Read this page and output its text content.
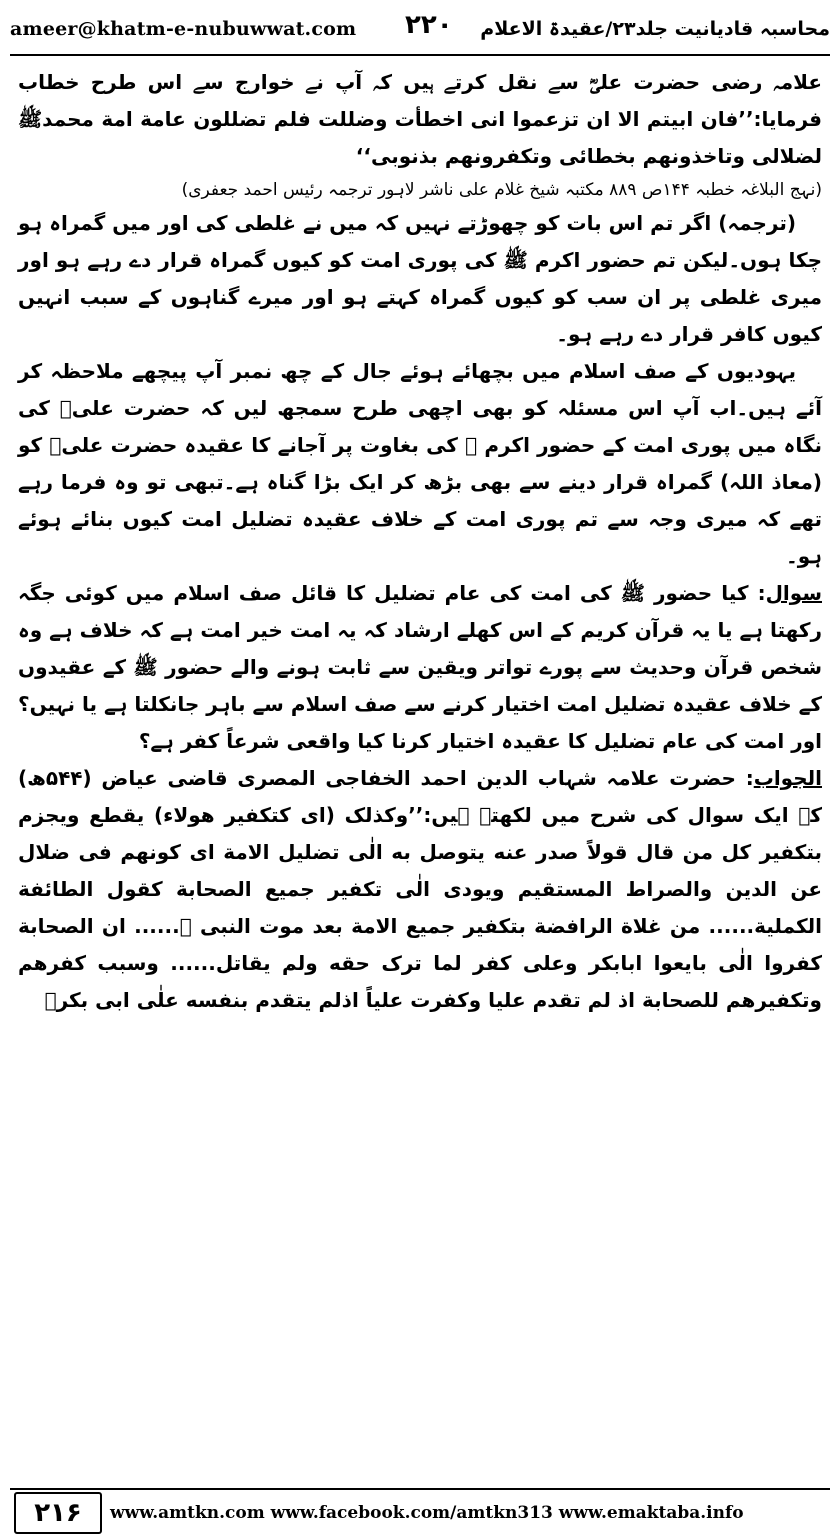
ameer@khatm-e-nubuwwat.com ۲۲۰ محاسبہ قادیانیت جلد۲۳/عقیدۃ الاعلام

علامہ رضی حضرت علیؓ سے نقل کرتے ہیں کہ آپ نے خوارج سے اس طرح خطاب فرمایا:’’فان ابیتم الا ان تزعموا انی اخطأت وضللت فلم تضللون عامة امة محمدﷺ لضلالی وتاخذونهم بخطائی وتکفرونهم بذنوبی‘‘

(نہج البلاغہ خطبہ ۱۴۴ص ۸۸۹ مکتبہ شیخ غلام علی ناشر لاہور ترجمہ رئیس احمد جعفری)

(ترجمہ) اگر تم اس بات کو چھوڑتے نہیں کہ میں نے غلطی کی اور میں گمراہ ہو چکا ہوں۔لیکن تم حضور اکرم ﷺ کی پوری امت کو کیوں گمراہ قرار دے رہے ہو اور میری غلطی پر ان سب کو کیوں گمراہ کہتے ہو اور میرے گناہوں کے سبب انہیں کیوں کافر قرار دے رہے ہو۔

یہودیوں کے صف اسلام میں بچھائے ہوئے جال کے چھ نمبر آپ پیچھے ملاحظہ کر آئے ہیں۔اب آپ اس مسئلہ کو بھی اچھی طرح سمجھ لیں کہ حضرت علیؓ کی نگاہ میں پوری امت کے حضور اکرم ﷺ کی بغاوت پر آجانے کا عقیدہ حضرت علیؓ کو (معاذ اللہ) گمراہ قرار دینے سے بھی بڑھ کر ایک بڑا گناہ ہے۔تبھی تو وہ فرما رہے تھے کہ میری وجہ سے تم پوری امت کے خلاف عقیدہ تضلیل امت کیوں بنائے ہوئے ہو۔

سوال: کیا حضور ﷺ کی امت کی عام تضلیل کا قائل صف اسلام میں کوئی جگہ رکھتا ہے یا یہ قرآن کریم کے اس کھلے ارشاد کہ یہ امت خیر امت ہے کہ خلاف ہے وہ شخص قرآن وحدیث سے پورے تواتر ویقین سے ثابت ہونے والے حضور ﷺ کے عقیدوں کے خلاف عقیدہ تضلیل امت اختیار کرنے سے صف اسلام سے باہر جانکلتا ہے یا نہیں؟ اور امت کی عام تضلیل کا عقیدہ اختیار کرنا کیا واقعی شرعاً کفر ہے؟

الجواب: حضرت علامہ شہاب الدین احمد الخفاجی المصری قاضی عیاض (۵۴۴ھ) کے ایک سوال کی شرح میں لکھتے ہیں:’’وکذلک (ای کتکفیر هولاء) یقطع ویجزم بتکفیر کل من قال قولاً صدر عنه یتوصل به الٰی تضلیل الامة ای کونهم فی ضلال عن الدین والصراط المستقیم ویودی الٰی تکفیر جمیع الصحابة کقول الطائفة الکملیة...... من غلاة الرافضة بتکفیر جمیع الامة بعد موت النبی ﷺ...... ان الصحابة کفروا الٰی بایعوا ابابکر وعلی کفر لما ترک حقه ولم یقاتل...... وسبب کفرهم وتکفیرهم للصحابة اذ لم تقدم علیا وکفرت علیاً اذلم یتقدم بنفسه علٰی ابی بکرؓ

۲۱۶	www.amtkn.com www.facebook.com/amtkn313 www.emaktaba.info
